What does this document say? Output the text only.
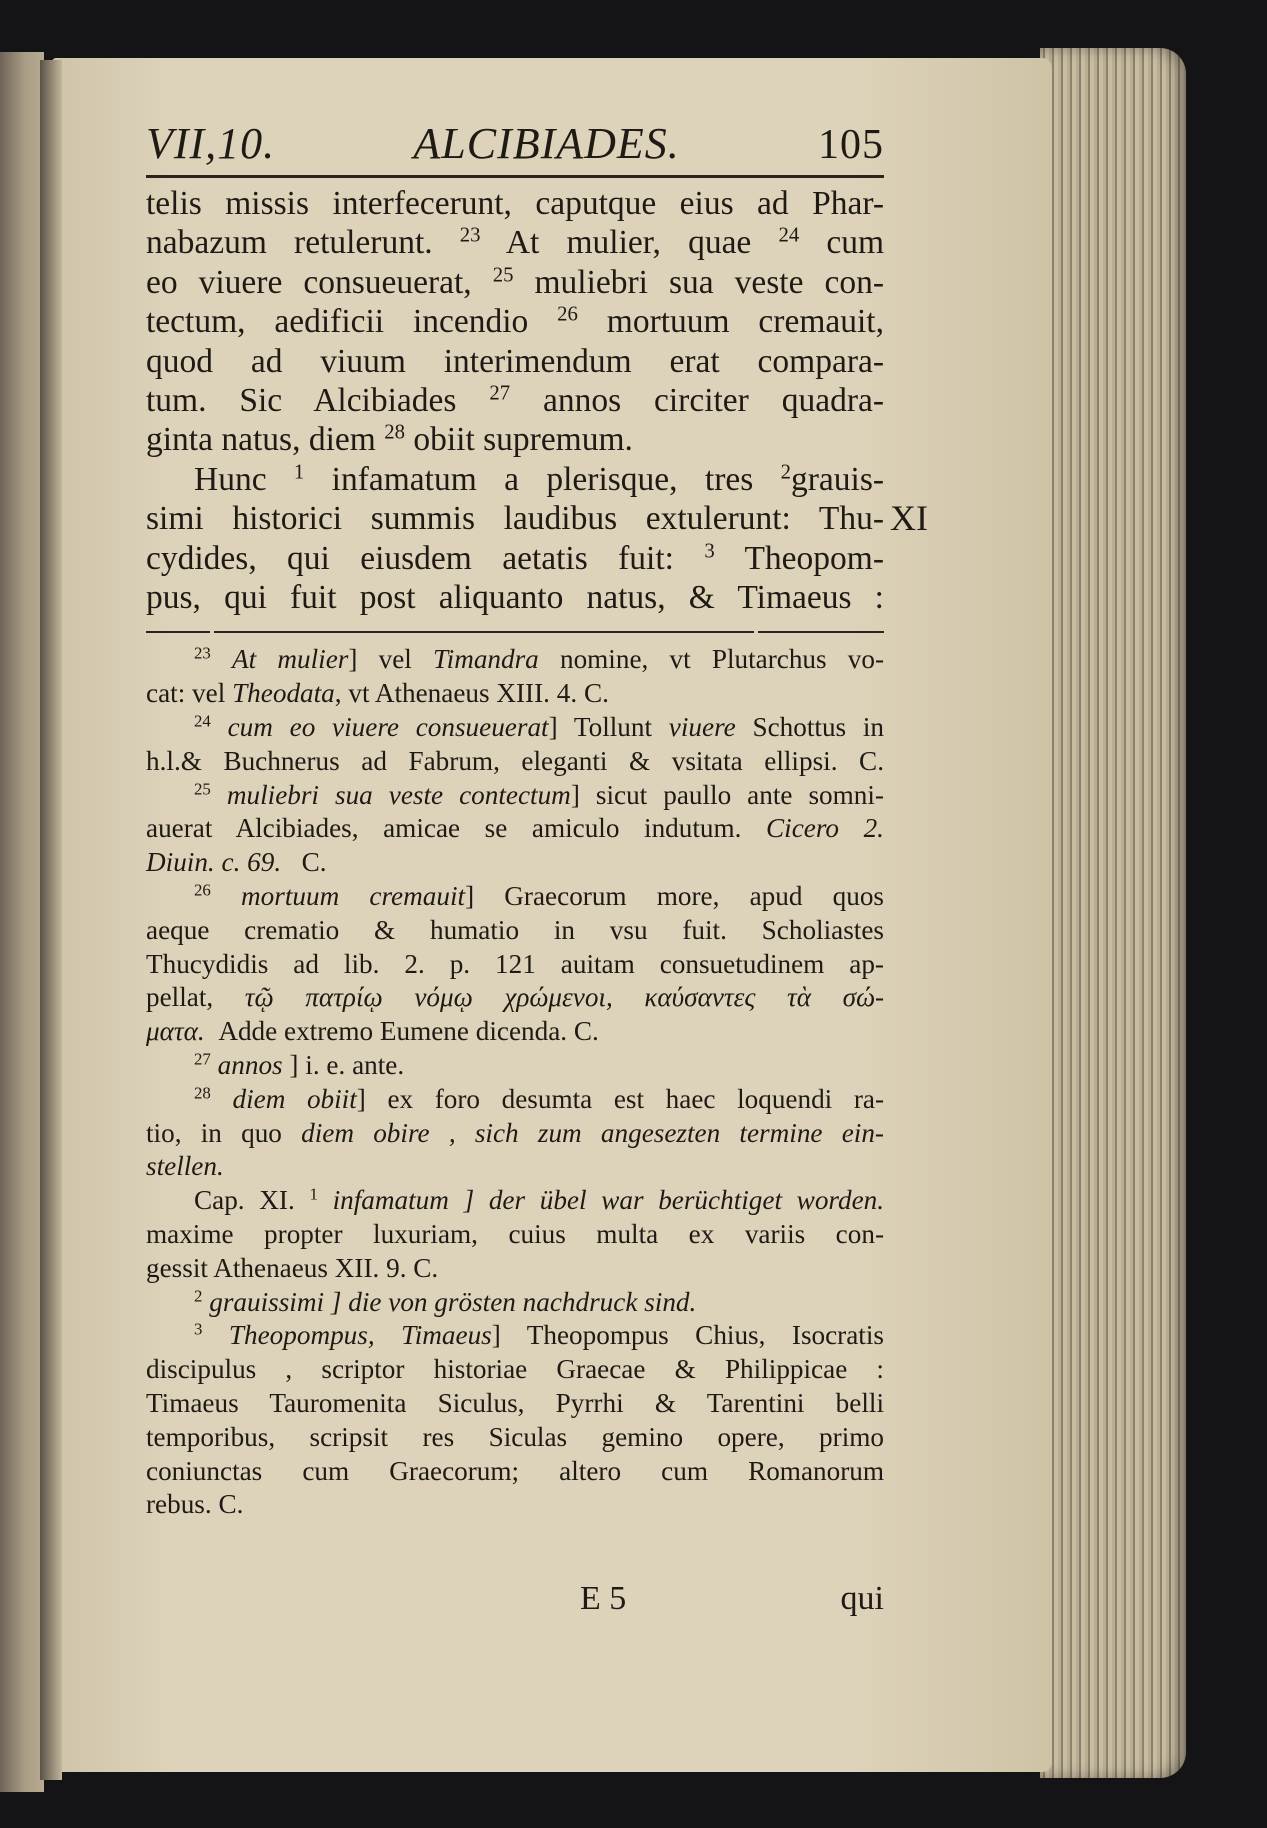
XI
VII,10.	ALCIBIADES.	105
telis missis interfecerunt, caputque eius ad Phar-
nabazum retulerunt. $^{23}$ At mulier, quae $^{24}$ cum
eo viuere consueuerat, $^{25}$ muliebri sua veste con-
tectum, aedificii incendio $^{26}$ mortuum cremauit,
quod ad viuum interimendum erat compara-
tum. Sic Alcibiades $^{27}$ annos circiter quadra-
ginta natus, diem $^{28}$ obiit supremum.
Hunc $^1$ infamatum a plerisque, tres $^2$grauis-
simi historici summis laudibus extulerunt: Thu-
cydides, qui eiusdem aetatis fuit: $^3$ Theopom-
pus, qui fuit post aliquanto natus, & Timaeus :
$^{23}$ At mulier] vel Timandra nomine, vt Plutarchus vo-
cat: vel Theodata, vt Athenaeus XIII. 4. C.
$^{24}$ cum eo viuere consueuerat] Tollunt viuere Schottus in
h.l.& Buchnerus ad Fabrum, eleganti & vsitata ellipsi. C.
$^{25}$ muliebri sua veste contectum] sicut paullo ante somni-
auerat Alcibiades, amicae se amiculo indutum. Cicero 2.
Diuin. c. 69. C.
$^{26}$ mortuum cremauit] Graecorum more, apud quos
aeque crematio & humatio in vsu fuit. Scholiastes
Thucydidis ad lib. 2. p. 121 auitam consuetudinem ap-
pellat, τῷ πατρίῳ νόμῳ χρώμενοι, καύσαντες τὰ σώ-
ματα. Adde extremo Eumene dicenda. C.
$^{27}$ annos ] i. e. ante.
$^{28}$ diem obiit] ex foro desumta est haec loquendi ra-
tio, in quo diem obire , sich zum angesezten termine ein-
stellen.
Cap. XI. $^1$ infamatum ] der übel war berüchtiget worden.
maxime propter luxuriam, cuius multa ex variis con-
gessit Athenaeus XII. 9. C.
$^2$ grauissimi ] die von grösten nachdruck sind.
$^3$ Theopompus, Timaeus] Theopompus Chius, Isocratis
discipulus , scriptor historiae Graecae & Philippicae :
Timaeus Tauromenita Siculus, Pyrrhi & Tarentini belli
temporibus, scripsit res Siculas gemino opere, primo
coniunctas cum Graecorum; altero cum Romanorum
rebus. C.
E 5	qui
